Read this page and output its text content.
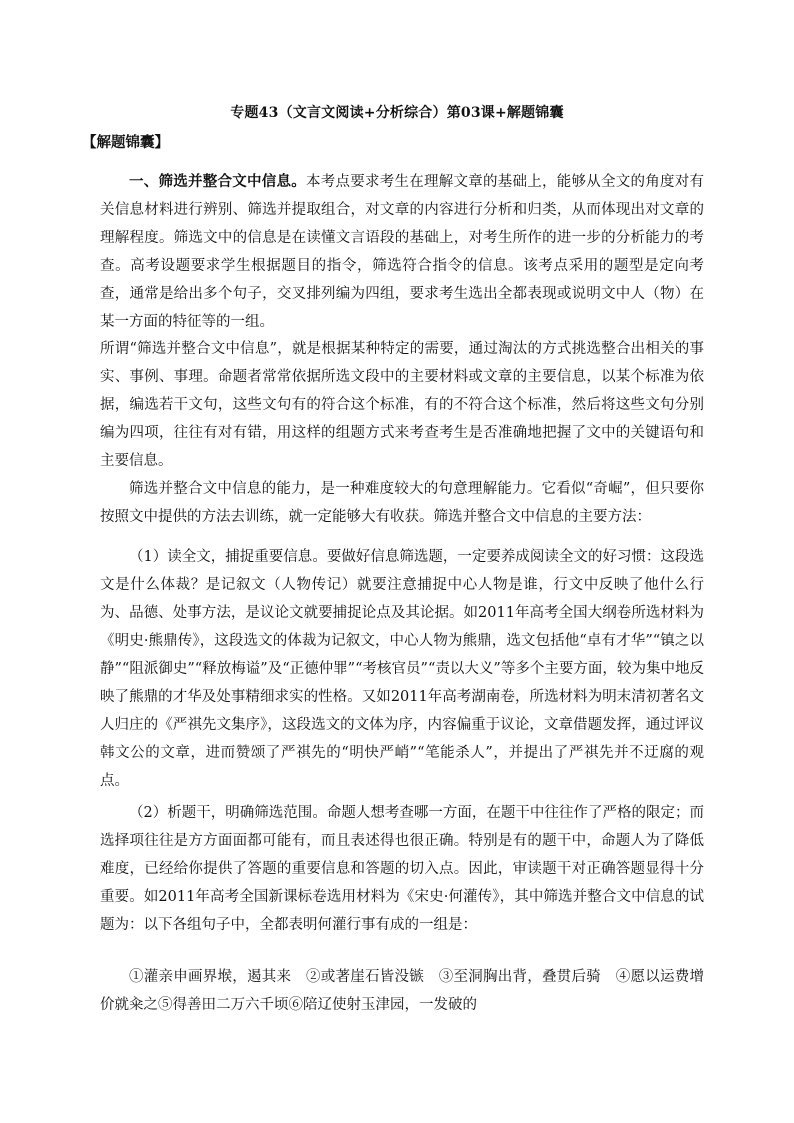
专题43（文言文阅读+分析综合）第03课+解题锦囊
【解题锦囊】

一、筛选并整合文中信息。本考点要求考生在理解文章的基础上，能够从全文的角度对有关信息材料进行辨别、筛选并提取组合，对文章的内容进行分析和归类，从而体现出对文章的理解程度。筛选文中的信息是在读懂文言语段的基础上，对考生所作的进一步的分析能力的考查。高考设题要求学生根据题目的指令，筛选符合指令的信息。该考点采用的题型是定向考查，通常是给出多个句子，交叉排列编为四组，要求考生选出全都表现或说明文中人（物）在某一方面的特征等的一组。

所谓“筛选并整合文中信息”，就是根据某种特定的需要，通过淘汰的方式挑选整合出相关的事实、事例、事理。命题者常常依据所选文段中的主要材料或文章的主要信息，以某个标准为依据，编选若干文句，这些文句有的符合这个标准，有的不符合这个标准，然后将这些文句分别编为四项，往往有对有错，用这样的组题方式来考查考生是否准确地把握了文中的关键语句和主要信息。

筛选并整合文中信息的能力，是一种难度较大的句意理解能力。它看似“奇崛”，但只要你按照文中提供的方法去训练，就一定能够大有收获。筛选并整合文中信息的主要方法：

（1）读全文，捕捉重要信息。要做好信息筛选题，一定要养成阅读全文的好习惯：这段选文是什么体裁？是记叙文（人物传记）就要注意捕捉中心人物是谁，行文中反映了他什么行为、品德、处事方法，是议论文就要捕捉论点及其论据。如2011年高考全国大纲卷所选材料为《明史·熊鼎传》，这段选文的体裁为记叙文，中心人物为熊鼎，选文包括他“卓有才华”“镇之以静”“阻派御史”“释放梅谥”及“正德仲罪”“考核官员”“责以大义”等多个主要方面，较为集中地反映了熊鼎的才华及处事精细求实的性格。又如2011年高考湖南卷，所选材料为明末清初著名文人归庄的《严祺先文集序》，这段选文的文体为序，内容偏重于议论，文章借题发挥，通过评议韩文公的文章，进而赞颂了严祺先的“明快严峭”“笔能杀人”，并提出了严祺先并不迂腐的观点。

（2）析题干，明确筛选范围。命题人想考查哪一方面，在题干中往往作了严格的限定；而选择项往往是方方面面都可能有，而且表述得也很正确。特别是有的题干中，命题人为了降低难度，已经给你提供了答题的重要信息和答题的切入点。因此，审读题干对正确答题显得十分重要。如2011年高考全国新课标卷选用材料为《宋史·何灌传》，其中筛选并整合文中信息的试题为：以下各组句子中，全都表明何灌行事有成的一组是：

①灌亲申画界堠，遏其来　②或著崖石皆没镞　③至洞胸出背，叠贯后骑　④愿以运费增价就籴之⑤得善田二万六千顷⑥陪辽使射玉津园，一发破的
